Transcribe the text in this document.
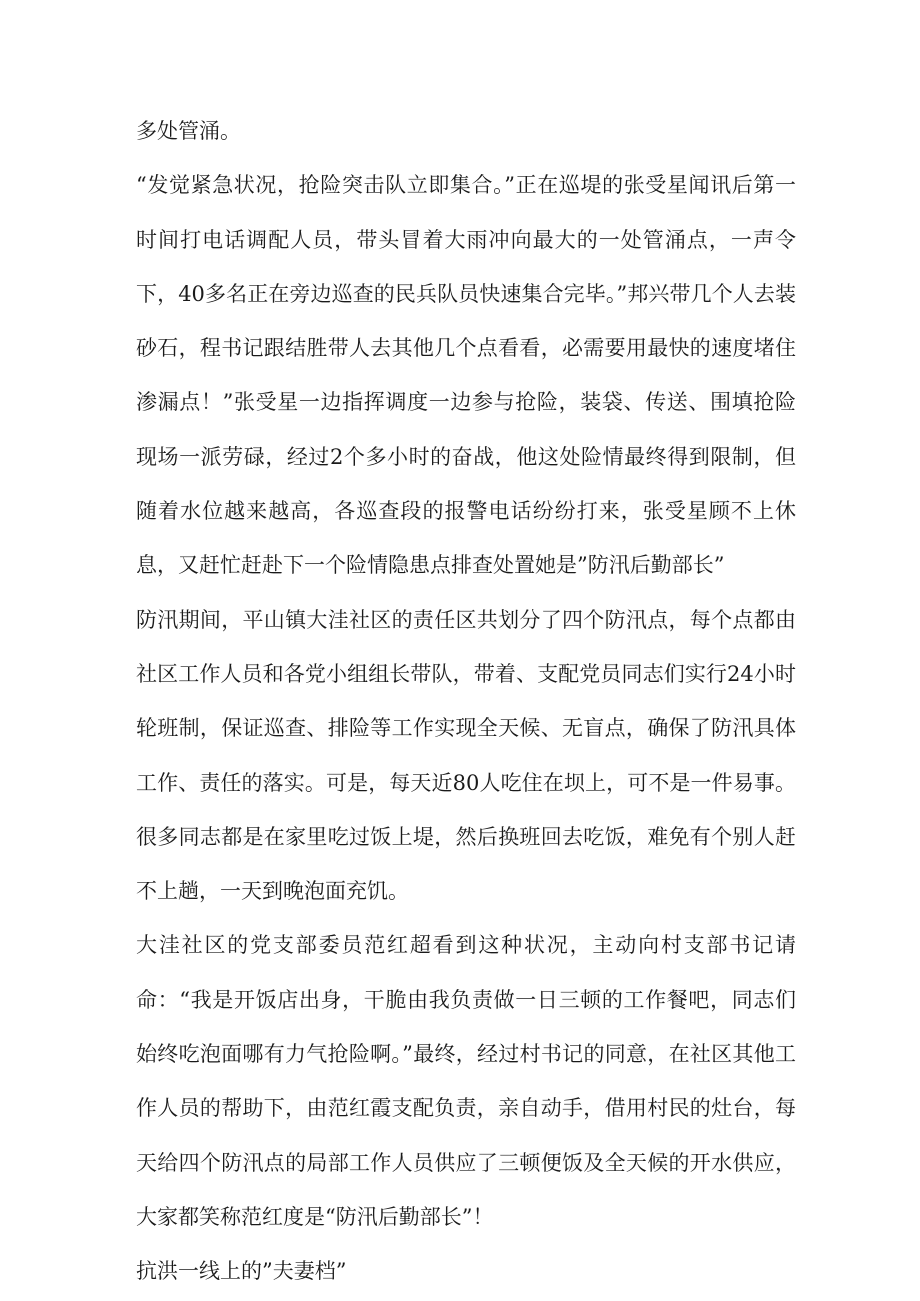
多处管涌。

“发觉紧急状况，抢险突击队立即集合。”正在巡堤的张受星闻讯后第一时间打电话调配人员，带头冒着大雨冲向最大的一处管涌点，一声令下，40多名正在旁边巡查的民兵队员快速集合完毕。”邦兴带几个人去装砂石，程书记跟结胜带人去其他几个点看看，必需要用最快的速度堵住渗漏点！”张受星一边指挥调度一边参与抢险，装袋、传送、围填抢险现场一派劳碌，经过2个多小时的奋战，他这处险情最终得到限制，但随着水位越来越高，各巡查段的报警电话纷纷打来，张受星顾不上休息，又赶忙赶赴下一个险情隐患点排查处置她是”防汛后勤部长”

防汛期间，平山镇大洼社区的责任区共划分了四个防汛点，每个点都由社区工作人员和各党小组组长带队，带着、支配党员同志们实行24小时轮班制，保证巡查、排险等工作实现全天候、无盲点，确保了防汛具体工作、责任的落实。可是，每天近80人吃住在坝上，可不是一件易事。很多同志都是在家里吃过饭上堤，然后换班回去吃饭，难免有个别人赶不上趟，一天到晚泡面充饥。

大洼社区的党支部委员范红超看到这种状况，主动向村支部书记请命：“我是开饭店出身，干脆由我负责做一日三顿的工作餐吧，同志们始终吃泡面哪有力气抢险啊。”最终，经过村书记的同意，在社区其他工作人员的帮助下，由范红霞支配负责，亲自动手，借用村民的灶台，每天给四个防汛点的局部工作人员供应了三顿便饭及全天候的开水供应，大家都笑称范红度是“防汛后勤部长”！

抗洪一线上的”夫妻档”
